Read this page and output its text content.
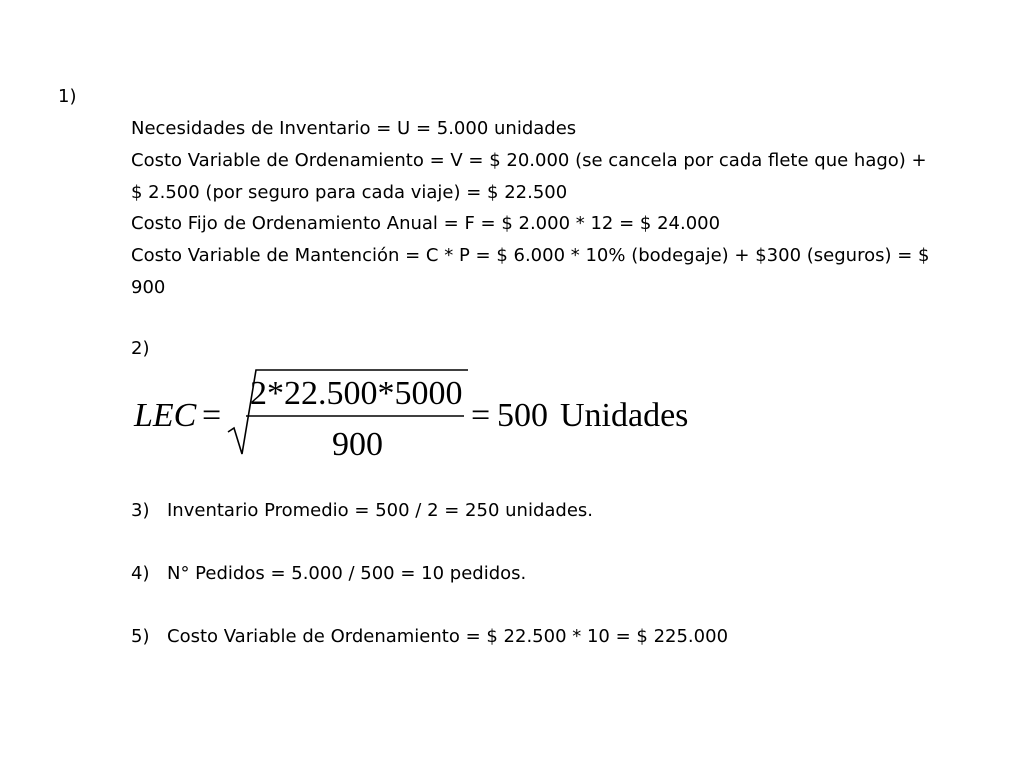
1)
Necesidades de Inventario = U = 5.000 unidades
Costo Variable de Ordenamiento = V = $ 20.000 (se cancela por cada flete que hago) +
$ 2.500 (por seguro para cada viaje) = $ 22.500
Costo Fijo de Ordenamiento Anual = F = $ 2.000 * 12 = $ 24.000
Costo Variable de Mantención = C * P = $ 6.000 * 10% (bodegaje) + $300 (seguros) = $
900
2)
LEC =
2*22.500*5000
900
= 500 Unidades
3) Inventario Promedio = 500 / 2 = 250 unidades.
4) N° Pedidos = 5.000 / 500 = 10 pedidos.
5) Costo Variable de Ordenamiento = $ 22.500 * 10 = $ 225.000
